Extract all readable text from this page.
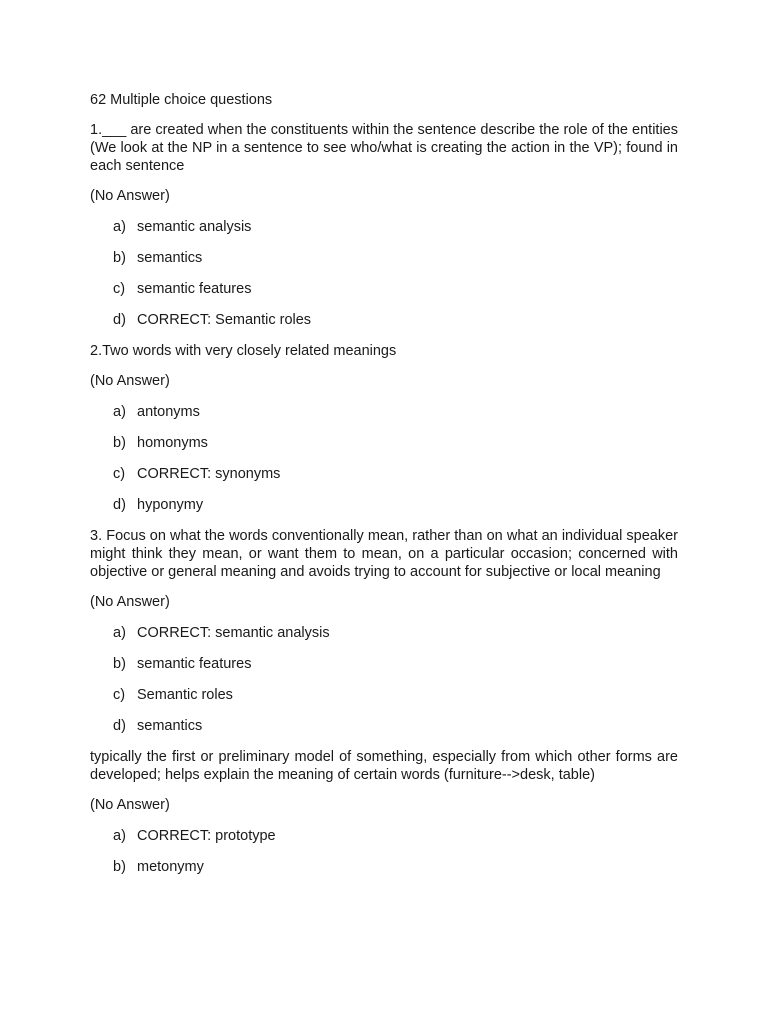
62 Multiple choice questions

1.___ are created when the constituents within the sentence describe the role of the entities (We look at the NP in a sentence to see who/what is creating the action in the VP); found in each sentence

(No Answer)

a) semantic analysis
b) semantics
c) semantic features
d) CORRECT: Semantic roles

2.Two words with very closely related meanings

(No Answer)

a) antonyms
b) homonyms
c) CORRECT: synonyms
d) hyponymy

3. Focus on what the words conventionally mean, rather than on what an individual speaker might think they mean, or want them to mean, on a particular occasion; concerned with objective or general meaning and avoids trying to account for subjective or local meaning

(No Answer)

a) CORRECT: semantic analysis
b) semantic features
c) Semantic roles
d) semantics

typically the first or preliminary model of something, especially from which other forms are developed; helps explain the meaning of certain words (furniture-->desk, table)

(No Answer)

a) CORRECT: prototype
b) metonymy
